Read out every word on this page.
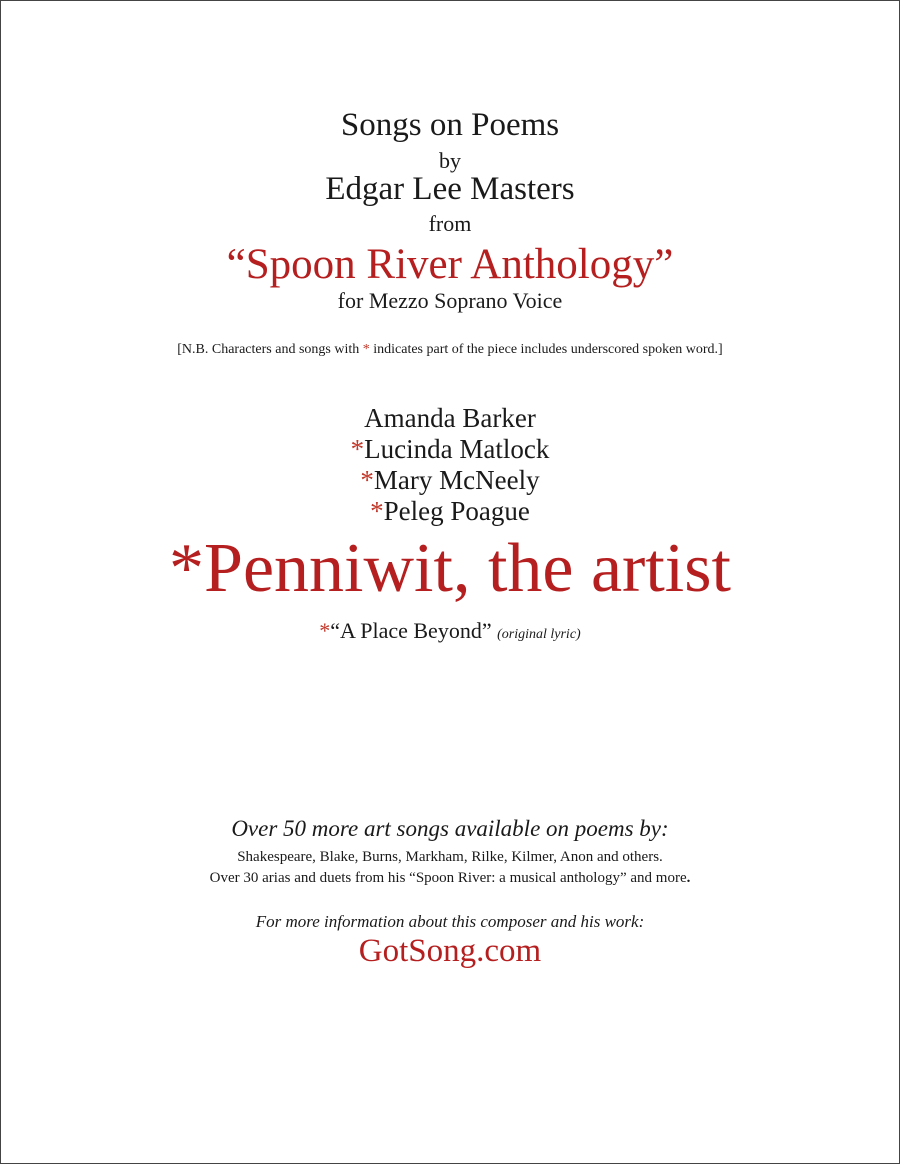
Songs on Poems
by
Edgar Lee Masters
from
“Spoon River Anthology”
for Mezzo Soprano Voice
[N.B. Characters and songs with * indicates part of the piece includes underscored spoken word.]
Amanda Barker
*Lucinda Matlock
*Mary McNeely
*Peleg Poague
*Penniwit, the artist
*“A Place Beyond” (original lyric)
Over 50 more art songs available on poems by:
Shakespeare, Blake, Burns, Markham, Rilke, Kilmer, Anon and others.
Over 30 arias and duets from his “Spoon River: a musical anthology” and more.
For more information about this composer and his work:
GotSong.com
